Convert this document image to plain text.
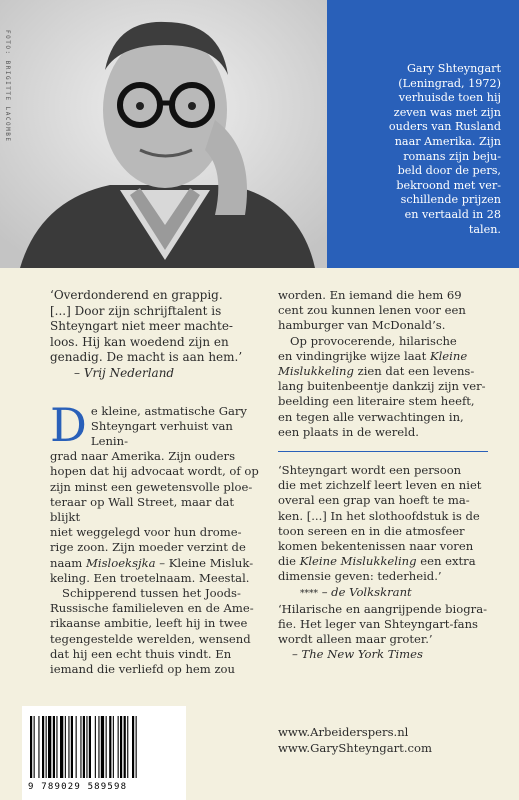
FOTO: BRIGITTE LACOMBE	Gary Shteyngart
(Leningrad, 1972)
verhuisde toen hij
zeven was met zijn
ouders van Rusland
naar Amerika. Zijn
romans zijn beju-
beld door de pers,
bekroond met ver-
schillende prijzen
en vertaald in 28
talen.
‘Overdonderend en grappig.
[...] Door zijn schrijftalent is
Shteyngart niet meer machte-
loos. Hij kan woedend zijn en
genadig. De macht is aan hem.’
– Vrij Nederland
D e kleine, astmatische Gary
Shteyngart verhuist van Lenin-
grad naar Amerika. Zijn ouders
hopen dat hij advocaat wordt, of op
zijn minst een gewetensvolle ploe-
teraar op Wall Street, maar dat blijkt
niet weggelegd voor hun drome-
rige zoon. Zijn moeder verzint de
naam Misloeksjka – Kleine Misluk-
keling. Een troetelnaam. Meestal.
Schipperend tussen het Joods-
Russische familieleven en de Ame-
rikaanse ambitie, leeft hij in twee
tegengestelde werelden, wensend
dat hij een echt thuis vindt. En
iemand die verliefd op hem zou
worden. En iemand die hem 69
cent zou kunnen lenen voor een
hamburger van McDonald’s.
Op provocerende, hilarische
en vindingrijke wijze laat Kleine
Mislukkeling zien dat een levens-
lang buitenbeentje dankzij zijn ver-
beelding een literaire stem heeft,
en tegen alle verwachtingen in,
een plaats in de wereld.
‘Shteyngart wordt een persoon
die met zichzelf leert leven en niet
overal een grap van hoeft te ma-
ken. [...] In het slothoofdstuk is de
toon sereen en in die atmosfeer
komen bekentenissen naar voren
die Kleine Mislukkeling een extra
dimensie geven: tederheid.’
**** – de Volkskrant
‘Hilarische en aangrijpende biogra-
fie. Het leger van Shteyngart-fans
wordt alleen maar groter.’
– The New York Times
www.Arbeiderspers.nl
www.GaryShteyngart.com
9 789029 589598
